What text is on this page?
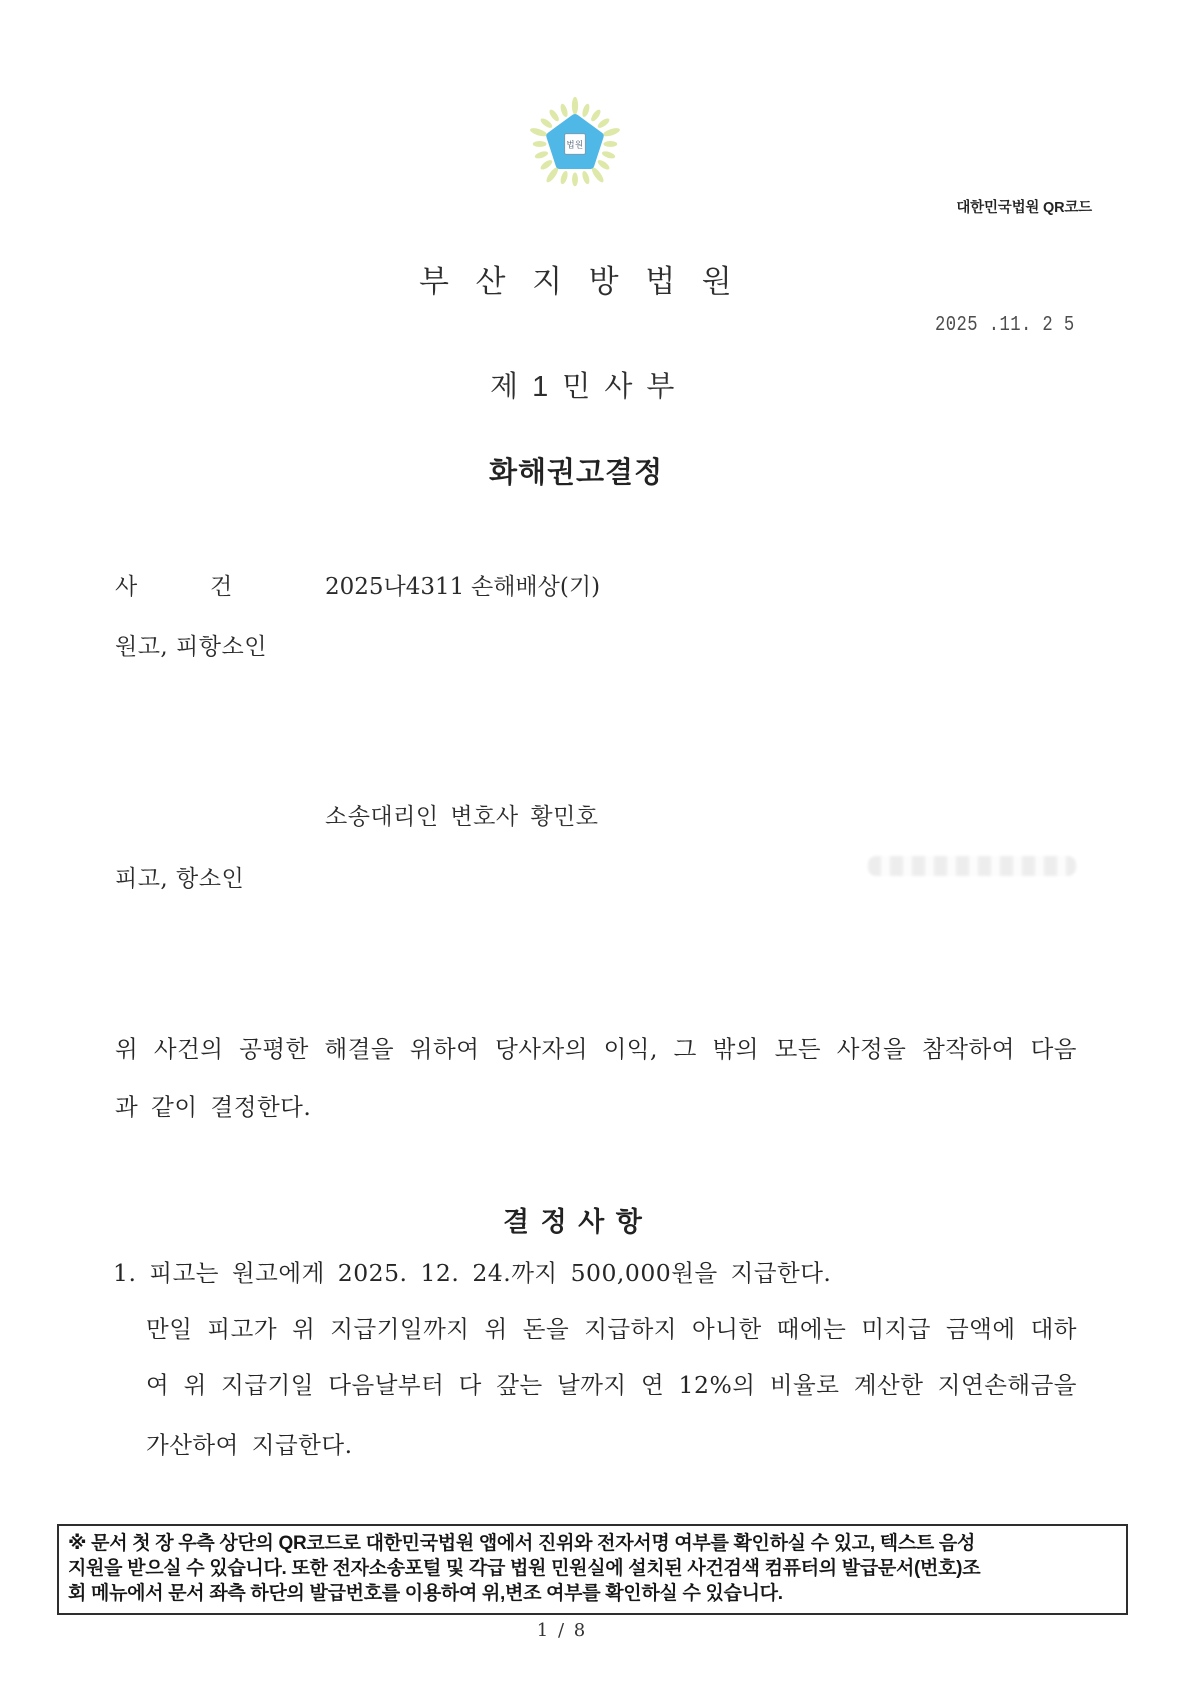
법원
대한민국법원 QR코드
부 산 지 방 법 원
2025 .11. 2 5
제 1 민 사 부
화해권고결정
사	건	2025나4311 손해배상(기)
원고, 피항소인
소송대리인 변호사 황민호
피고, 항소인
위 사건의 공평한 해결을 위하여 당사자의 이익, 그 밖의 모든 사정을 참작하여 다음
과 같이 결정한다.
결 정 사 항
1. 피고는 원고에게 2025. 12. 24.까지 500,000원을 지급한다.
만일 피고가 위 지급기일까지 위 돈을 지급하지 아니한 때에는 미지급 금액에 대하
여 위 지급기일 다음날부터 다 갚는 날까지 연 12%의 비율로 계산한 지연손해금을
가산하여 지급한다.
※ 문서 첫 장 우측 상단의 QR코드로 대한민국법원 앱에서 진위와 전자서명 여부를 확인하실 수 있고, 텍스트 음성
지원을 받으실 수 있습니다. 또한 전자소송포털 및 각급 법원 민원실에 설치된 사건검색 컴퓨터의 발급문서(번호)조
회 메뉴에서 문서 좌측 하단의 발급번호를 이용하여 위,변조 여부를 확인하실 수 있습니다.
1 / 8
